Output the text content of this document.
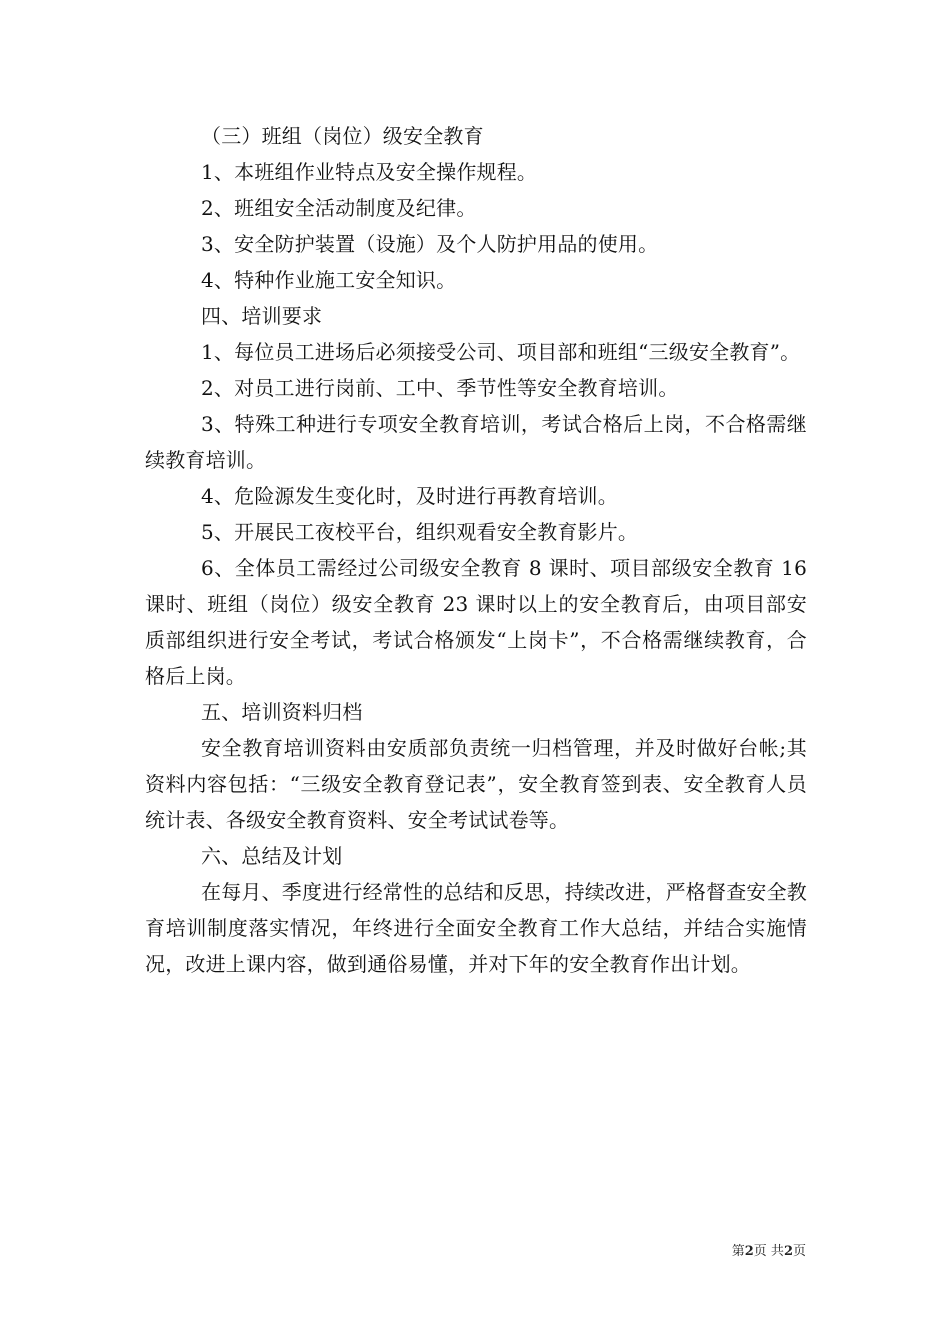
（三）班组（岗位）级安全教育

1、本班组作业特点及安全操作规程。

2、班组安全活动制度及纪律。

3、安全防护装置（设施）及个人防护用品的使用。

4、特种作业施工安全知识。

四、培训要求

1、每位员工进场后必须接受公司、项目部和班组“三级安全教育”。

2、对员工进行岗前、工中、季节性等安全教育培训。

3、特殊工种进行专项安全教育培训，考试合格后上岗，不合格需继续教育培训。

4、危险源发生变化时，及时进行再教育培训。

5、开展民工夜校平台，组织观看安全教育影片。

6、全体员工需经过公司级安全教育 8 课时、项目部级安全教育 16 课时、班组（岗位）级安全教育 23 课时以上的安全教育后，由项目部安质部组织进行安全考试，考试合格颁发“上岗卡”，不合格需继续教育，合格后上岗。

五、培训资料归档

安全教育培训资料由安质部负责统一归档管理，并及时做好台帐;其资料内容包括：“三级安全教育登记表”，安全教育签到表、安全教育人员统计表、各级安全教育资料、安全考试试卷等。

六、总结及计划

在每月、季度进行经常性的总结和反思，持续改进，严格督查安全教育培训制度落实情况，年终进行全面安全教育工作大总结，并结合实施情况，改进上课内容，做到通俗易懂，并对下年的安全教育作出计划。

第2页 共2页
